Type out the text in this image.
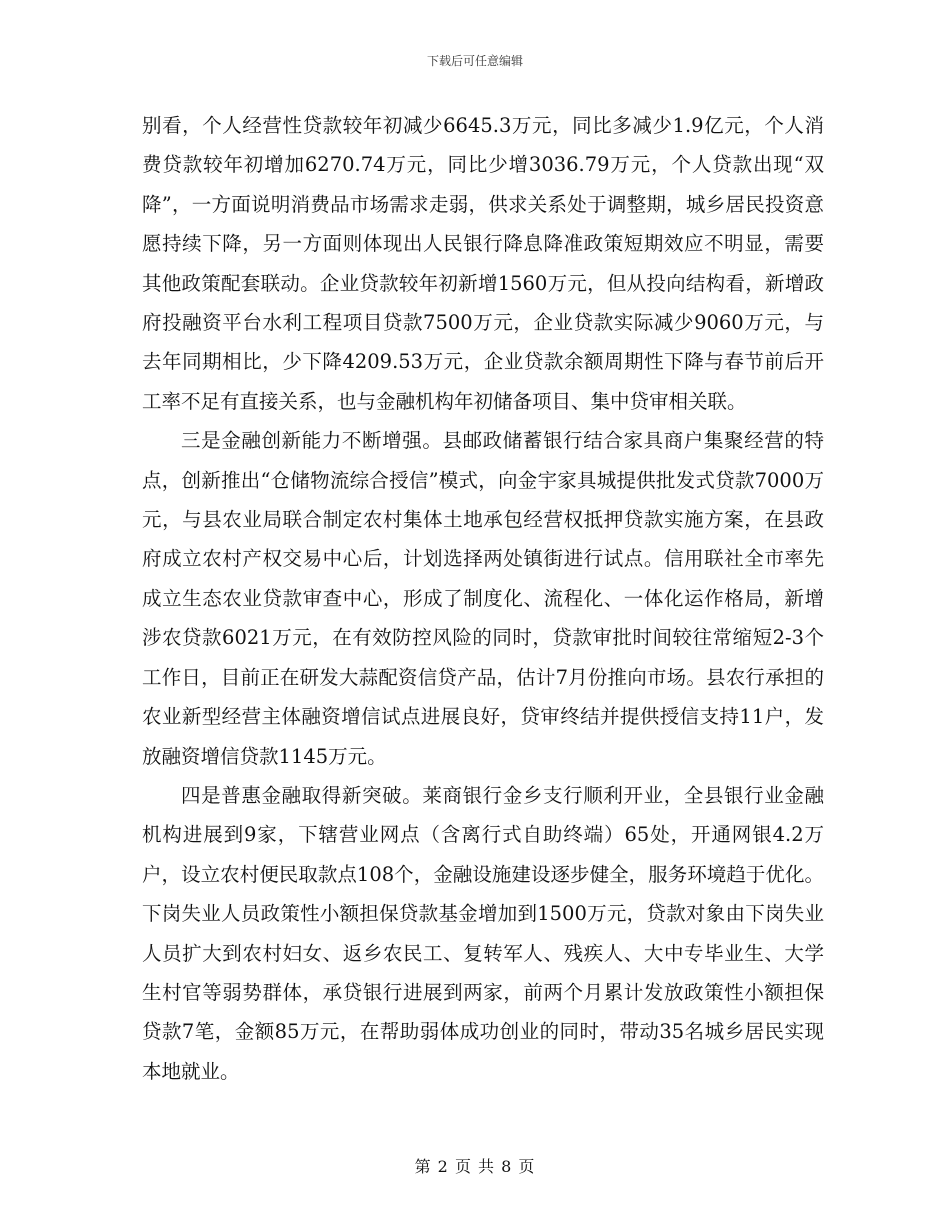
下载后可任意编辑

别看，个人经营性贷款较年初减少6645.3万元，同比多减少1.9亿元，个人消费贷款较年初增加6270.74万元，同比少增3036.79万元，个人贷款出现“双降”，一方面说明消费品市场需求走弱，供求关系处于调整期，城乡居民投资意愿持续下降，另一方面则体现出人民银行降息降准政策短期效应不明显，需要其他政策配套联动。企业贷款较年初新增1560万元，但从投向结构看，新增政府投融资平台水利工程项目贷款7500万元，企业贷款实际减少9060万元，与去年同期相比，少下降4209.53万元，企业贷款余额周期性下降与春节前后开工率不足有直接关系，也与金融机构年初储备项目、集中贷审相关联。

三是金融创新能力不断增强。县邮政储蓄银行结合家具商户集聚经营的特点，创新推出“仓储物流综合授信”模式，向金宇家具城提供批发式贷款7000万元，与县农业局联合制定农村集体土地承包经营权抵押贷款实施方案，在县政府成立农村产权交易中心后，计划选择两处镇街进行试点。信用联社全市率先成立生态农业贷款审查中心，形成了制度化、流程化、一体化运作格局，新增涉农贷款6021万元，在有效防控风险的同时，贷款审批时间较往常缩短2-3个工作日，目前正在研发大蒜配资信贷产品，估计7月份推向市场。县农行承担的农业新型经营主体融资增信试点进展良好，贷审终结并提供授信支持11户，发放融资增信贷款1145万元。

四是普惠金融取得新突破。莱商银行金乡支行顺利开业，全县银行业金融机构进展到9家，下辖营业网点（含离行式自助终端）65处，开通网银4.2万户，设立农村便民取款点108个，金融设施建设逐步健全，服务环境趋于优化。下岗失业人员政策性小额担保贷款基金增加到1500万元，贷款对象由下岗失业人员扩大到农村妇女、返乡农民工、复转军人、残疾人、大中专毕业生、大学生村官等弱势群体，承贷银行进展到两家，前两个月累计发放政策性小额担保贷款7笔，金额85万元，在帮助弱体成功创业的同时，带动35名城乡居民实现本地就业。

第 2 页 共 8 页
